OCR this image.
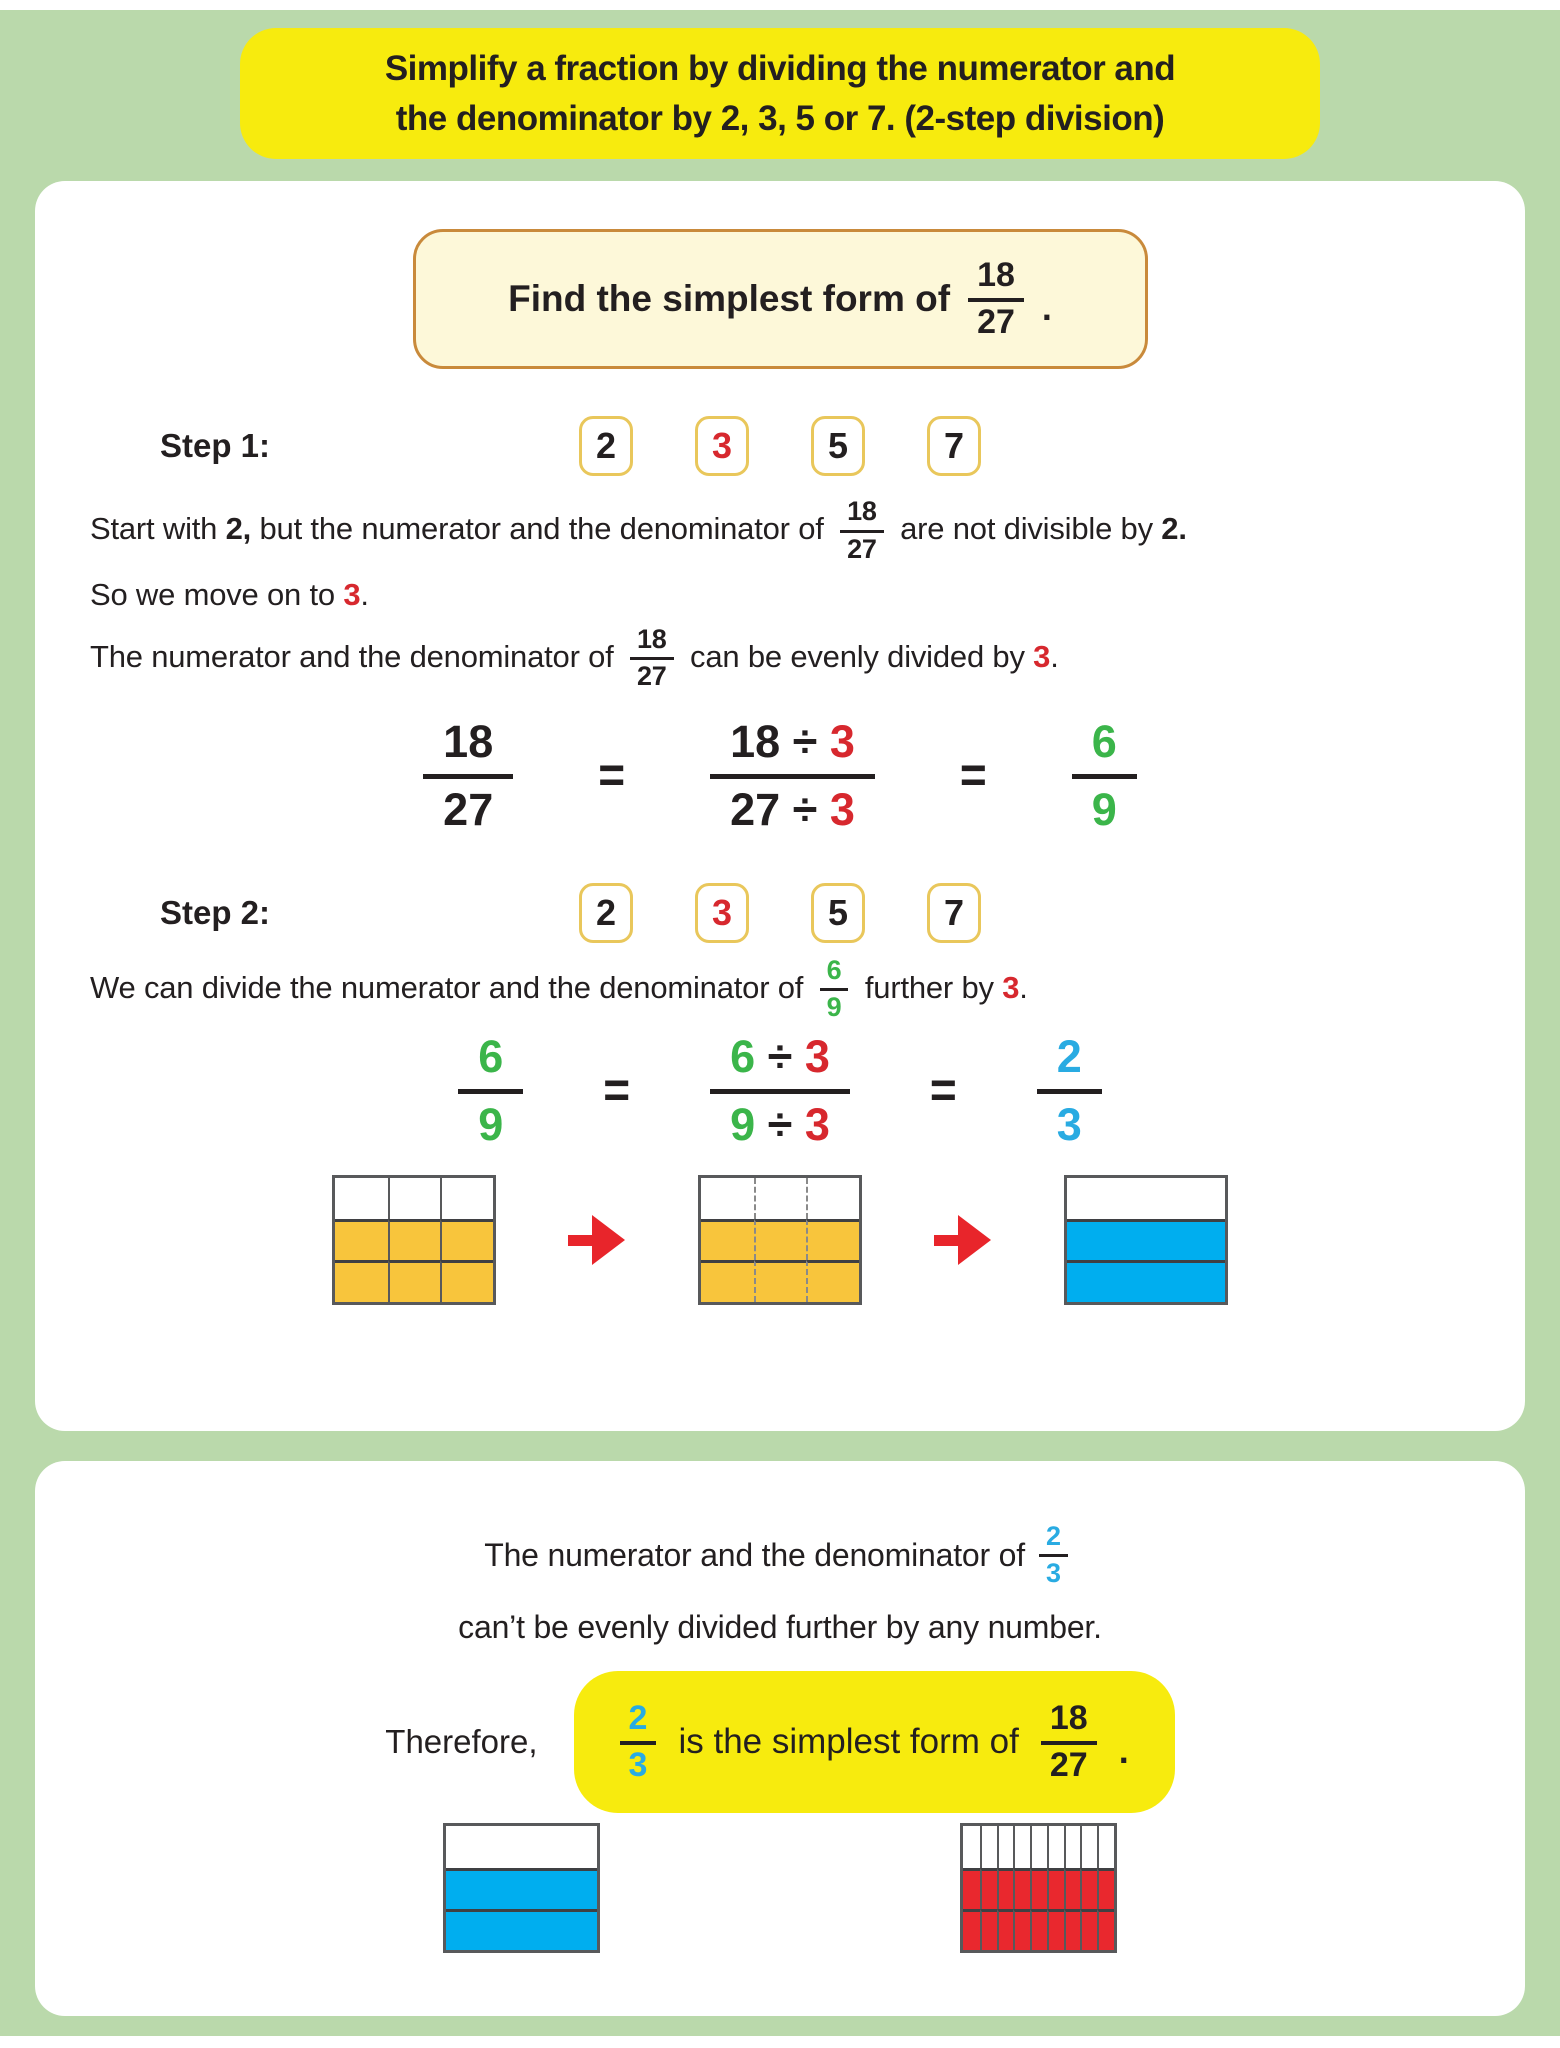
Simplify a fraction by dividing the numerator and
the denominator by 2, 3, 5 or 7. (2-step division)
Find the simplest form of $\frac{18}{27}$ .
Step 1:	2	3	5	7
Start with 2, but the numerator and the denominator of $\frac{18}{27}$ are not divisible by 2.
So we move on to 3.
The numerator and the denominator of $\frac{18}{27}$ can be evenly divided by 3.
$\frac{18}{27} = \frac{18 \div 3}{27 \div 3} = \frac{6}{9}$
Step 2:	2	3	5	7
We can divide the numerator and the denominator of $\frac{6}{9}$ further by 3.
$\frac{6}{9} = \frac{6 \div 3}{9 \div 3} = \frac{2}{3}$
The numerator and the denominator of $\frac{2}{3}$
can’t be evenly divided further by any number.
Therefore, $\frac{2}{3}$ is the simplest form of $\frac{18}{27}$ .
